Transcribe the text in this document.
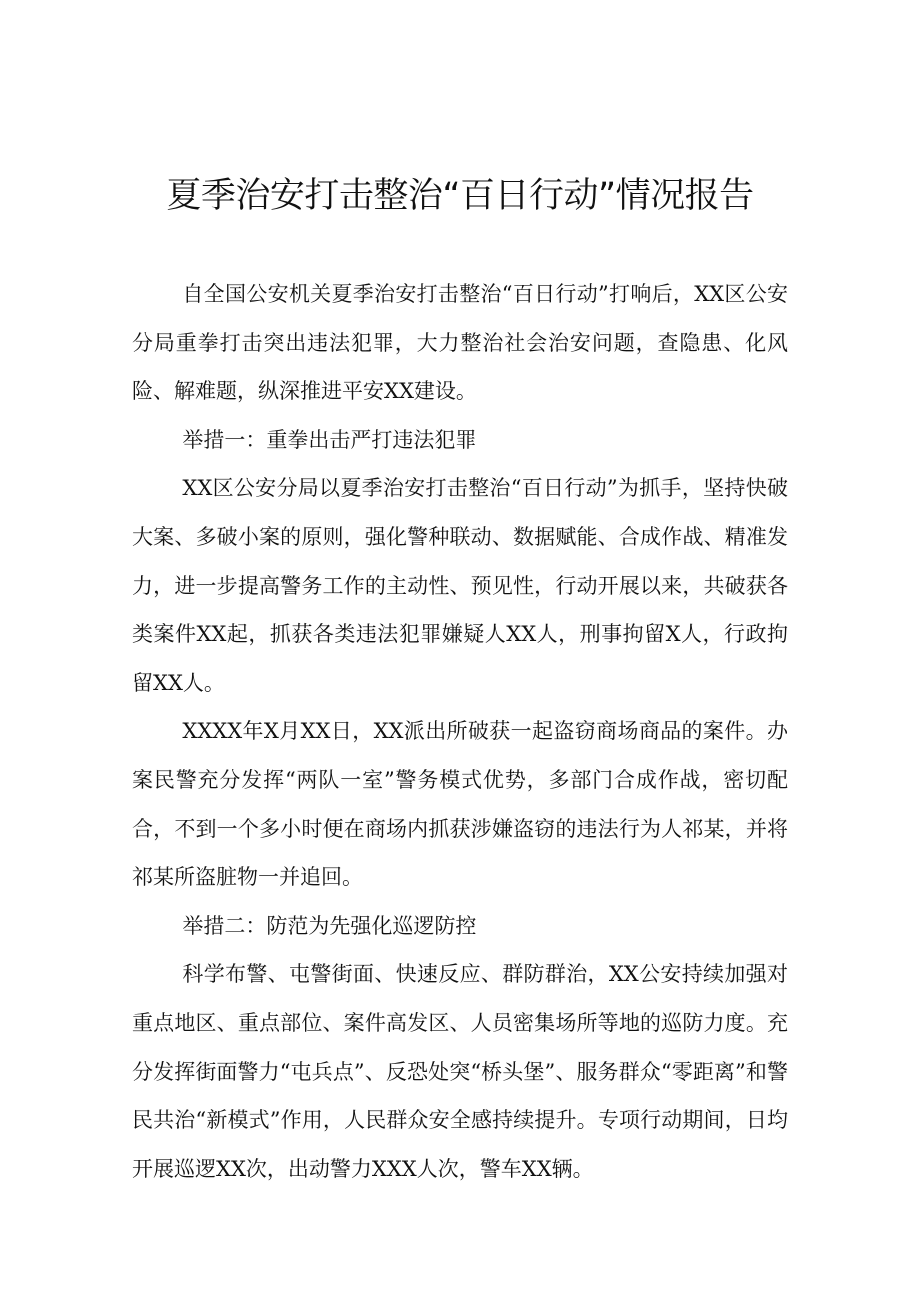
夏季治安打击整治“百日行动”情况报告

自全国公安机关夏季治安打击整治“百日行动”打响后，XX区公安分局重拳打击突出违法犯罪，大力整治社会治安问题，查隐患、化风险、解难题，纵深推进平安XX建设。

举措一：重拳出击严打违法犯罪

XX区公安分局以夏季治安打击整治“百日行动”为抓手，坚持快破大案、多破小案的原则，强化警种联动、数据赋能、合成作战、精准发力，进一步提高警务工作的主动性、预见性，行动开展以来，共破获各类案件XX起，抓获各类违法犯罪嫌疑人XX人，刑事拘留X人，行政拘留XX人。

XXXX年X月XX日，XX派出所破获一起盗窃商场商品的案件。办案民警充分发挥“两队一室”警务模式优势，多部门合成作战，密切配合，不到一个多小时便在商场内抓获涉嫌盗窃的违法行为人祁某，并将祁某所盗脏物一并追回。

举措二：防范为先强化巡逻防控

科学布警、屯警街面、快速反应、群防群治，XX公安持续加强对重点地区、重点部位、案件高发区、人员密集场所等地的巡防力度。充分发挥街面警力“屯兵点”、反恐处突“桥头堡”、服务群众“零距离”和警民共治“新模式”作用，人民群众安全感持续提升。专项行动期间，日均开展巡逻XX次，出动警力XXX人次，警车XX辆。
